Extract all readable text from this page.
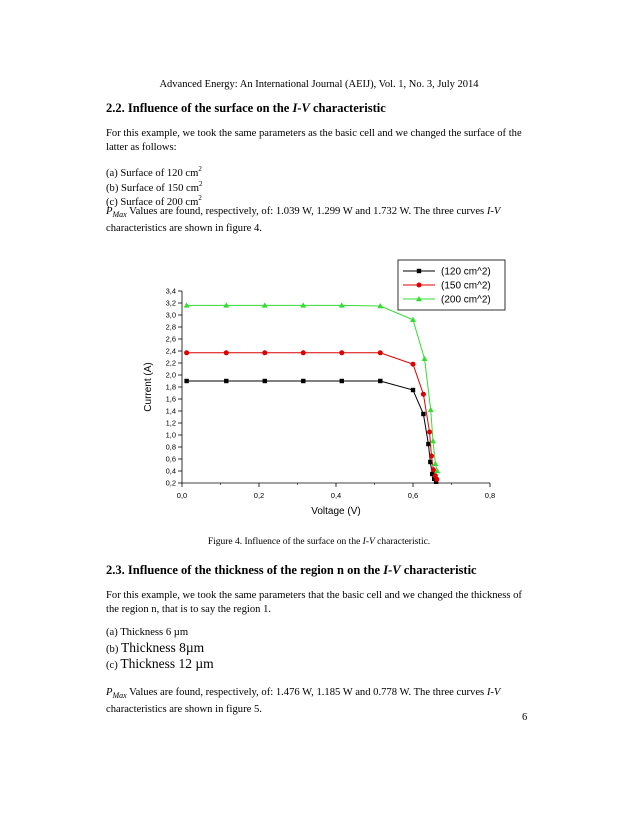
Advanced Energy: An International Journal (AEIJ), Vol. 1, No. 3, July 2014
2.2. Influence of the surface on the I-V characteristic
For this example, we took the same parameters as the basic cell and we changed the surface of the
latter as follows:
(a) Surface of 120 $cm^2$
(b) Surface of 150 $cm^2$
(c) Surface of 200 $cm^2$
$P_{Max}$ Values are found, respectively, of: 1.039 W, 1.299 W and 1.732 W. The three curves I-V
characteristics are shown in figure 4.
0,0	0,2	0,4	0,6	0,8
0,2
0,4
0,6
0,8
1,0
1,2
1,4
1,6
1,8
2,0
2,2
2,4
2,6
2,8
3,0
3,2
3,4
Voltage (V)
Current (A)
(120 cm^2)
(150 cm^2)
(200 cm^2)
Figure 4. Influence of the surface on the I-V characteristic.
2.3. Influence of the thickness of the region n on the I-V characteristic
For this example, we took the same parameters that the basic cell and we changed the thickness of
the region n, that is to say the region 1.
(a) Thickness 6 µm
(b) Thickness 8µm
(c) Thickness 12 µm
$P_{Max}$ Values are found, respectively, of: 1.476 W, 1.185 W and 0.778 W. The three curves I-V
characteristics are shown in figure 5.
6
